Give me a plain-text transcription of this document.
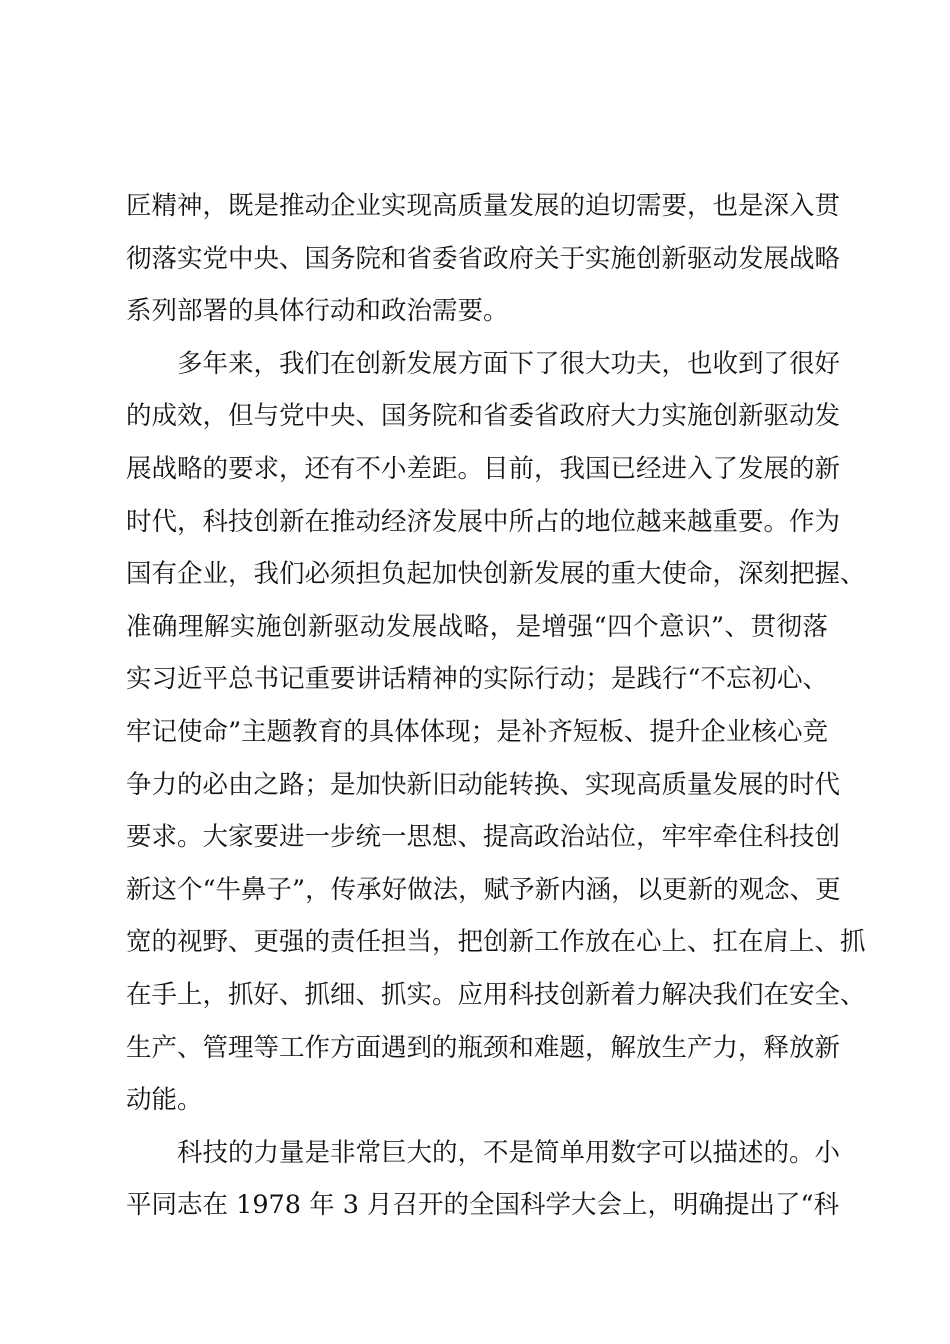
匠精神，既是推动企业实现高质量发展的迫切需要，也是深入贯
彻落实党中央、国务院和省委省政府关于实施创新驱动发展战略
系列部署的具体行动和政治需要。
多年来，我们在创新发展方面下了很大功夫，也收到了很好
的成效，但与党中央、国务院和省委省政府大力实施创新驱动发
展战略的要求，还有不小差距。目前，我国已经进入了发展的新
时代，科技创新在推动经济发展中所占的地位越来越重要。作为
国有企业，我们必须担负起加快创新发展的重大使命，深刻把握、
准确理解实施创新驱动发展战略，是增强“四个意识”、贯彻落
实习近平总书记重要讲话精神的实际行动；是践行“不忘初心、
牢记使命”主题教育的具体体现；是补齐短板、提升企业核心竞
争力的必由之路；是加快新旧动能转换、实现高质量发展的时代
要求。大家要进一步统一思想、提高政治站位，牢牢牵住科技创
新这个“牛鼻子”，传承好做法，赋予新内涵，以更新的观念、更
宽的视野、更强的责任担当，把创新工作放在心上、扛在肩上、抓
在手上，抓好、抓细、抓实。应用科技创新着力解决我们在安全、
生产、管理等工作方面遇到的瓶颈和难题，解放生产力，释放新
动能。
科技的力量是非常巨大的，不是简单用数字可以描述的。小
平同志在 1978 年 3 月召开的全国科学大会上，明确提出了“科
